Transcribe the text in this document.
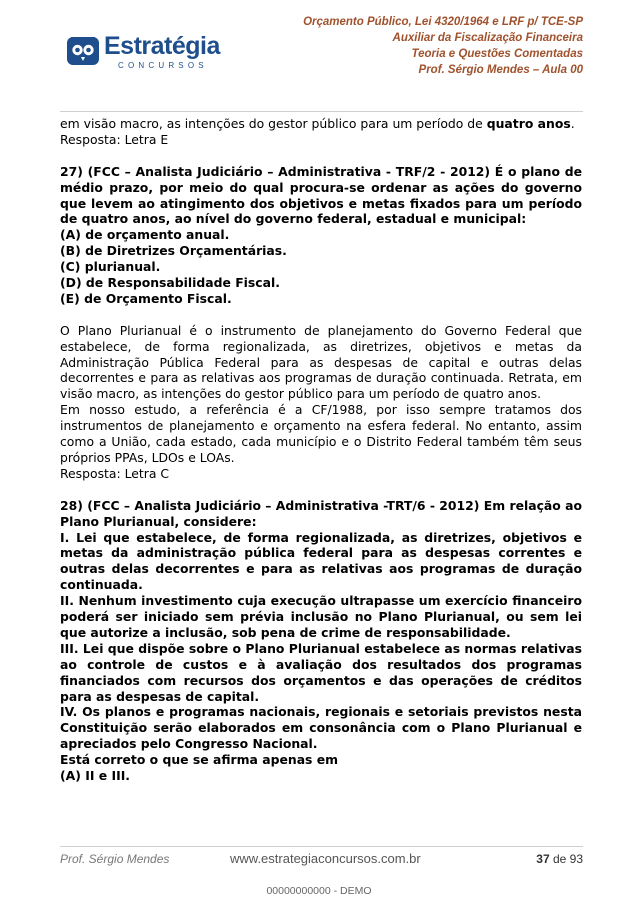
Estratégia
CONCURSOS
Orçamento Público, Lei 4320/1964 e LRF p/ TCE-SP
Auxiliar da Fiscalização Financeira
Teoria e Questões Comentadas
Prof. Sérgio Mendes – Aula 00

em visão macro, as intenções do gestor público para um período de quatro anos.

Resposta: Letra E

27) (FCC – Analista Judiciário – Administrativa - TRF/2 - 2012) É o plano de médio prazo, por meio do qual procura-se ordenar as ações do governo que levem ao atingimento dos objetivos e metas fixados para um período de quatro anos, ao nível do governo federal, estadual e municipal:

(A) de orçamento anual.

(B) de Diretrizes Orçamentárias.

(C) plurianual.

(D) de Responsabilidade Fiscal.

(E) de Orçamento Fiscal.

O Plano Plurianual é o instrumento de planejamento do Governo Federal que estabelece, de forma regionalizada, as diretrizes, objetivos e metas da Administração Pública Federal para as despesas de capital e outras delas decorrentes e para as relativas aos programas de duração continuada. Retrata, em visão macro, as intenções do gestor público para um período de quatro anos.

Em nosso estudo, a referência é a CF/1988, por isso sempre tratamos dos instrumentos de planejamento e orçamento na esfera federal. No entanto, assim como a União, cada estado, cada município e o Distrito Federal também têm seus próprios PPAs, LDOs e LOAs.

Resposta: Letra C

28) (FCC – Analista Judiciário – Administrativa -TRT/6 - 2012) Em relação ao Plano Plurianual, considere:

I. Lei que estabelece, de forma regionalizada, as diretrizes, objetivos e metas da administração pública federal para as despesas correntes e outras delas decorrentes e para as relativas aos programas de duração continuada.

II. Nenhum investimento cuja execução ultrapasse um exercício financeiro poderá ser iniciado sem prévia inclusão no Plano Plurianual, ou sem lei que autorize a inclusão, sob pena de crime de responsabilidade.

III. Lei que dispõe sobre o Plano Plurianual estabelece as normas relativas ao controle de custos e à avaliação dos resultados dos programas financiados com recursos dos orçamentos e das operações de créditos para as despesas de capital.

IV. Os planos e programas nacionais, regionais e setoriais previstos nesta Constituição serão elaborados em consonância com o Plano Plurianual e apreciados pelo Congresso Nacional.

Está correto o que se afirma apenas em

(A) II e III.

Prof. Sérgio Mendes	www.estrategiaconcursos.com.br	37 de 93
00000000000 - DEMO
